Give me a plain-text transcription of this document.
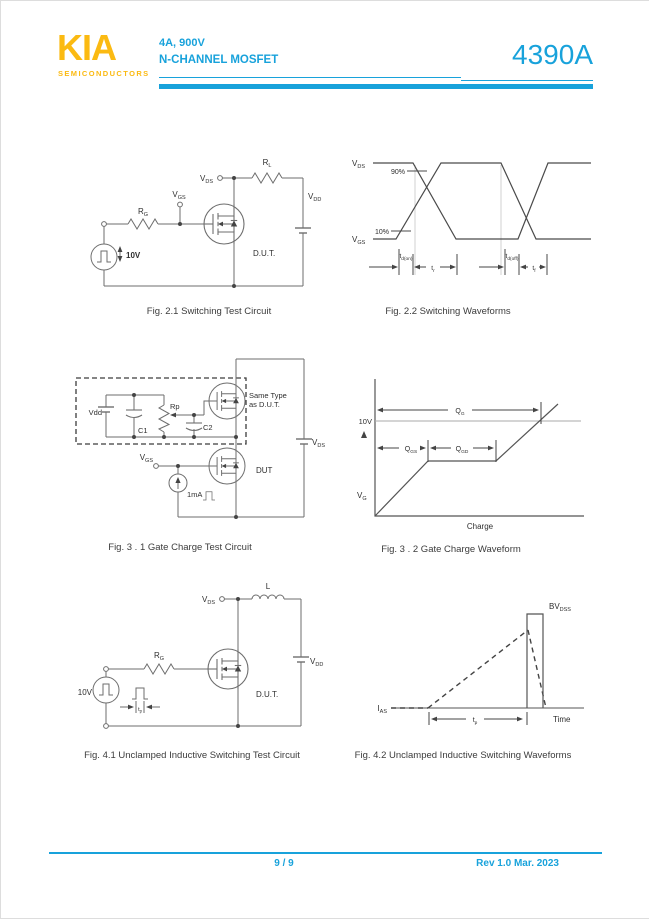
KIA
SEMICONDUCTORS
4A, 900V
N-CHANNEL MOSFET	4390A
$V_{DS}$
$R_L$
$V_{DD}$
$V_{GS}$
$R_G$
10V	D.U.T.
Fig. 2.1 Switching Test Circuit
$V_{DS}$
$V_{GS}$
90%
10%
$t_{d(on)}$
$t_r$
$t_{d(off)}$
$t_f$
Fig. 2.2 Switching Waveforms
Vdd
C1
Rp
C2
Same Type
as D.U.T.
$V_{GS}$
1mA
DUT
$V_{DS}$
Fig. 3 . 1 Gate Charge Test Circuit
10V
$V_G$
$Q_G$
$Q_{GS}$	$Q_{GD}$
Charge
Fig. 3 . 2 Gate Charge Waveform
$V_{DS}$
L
$V_{DD}$
$R_G$
10V
$t_p$
D.U.T.
Fig. 4.1 Unclamped Inductive Switching Test Circuit
$I_{AS}$
$BV_{DSS}$
$t_p$	Time
Fig. 4.2 Unclamped Inductive Switching Waveforms
9 / 9	Rev 1.0 Mar. 2023
